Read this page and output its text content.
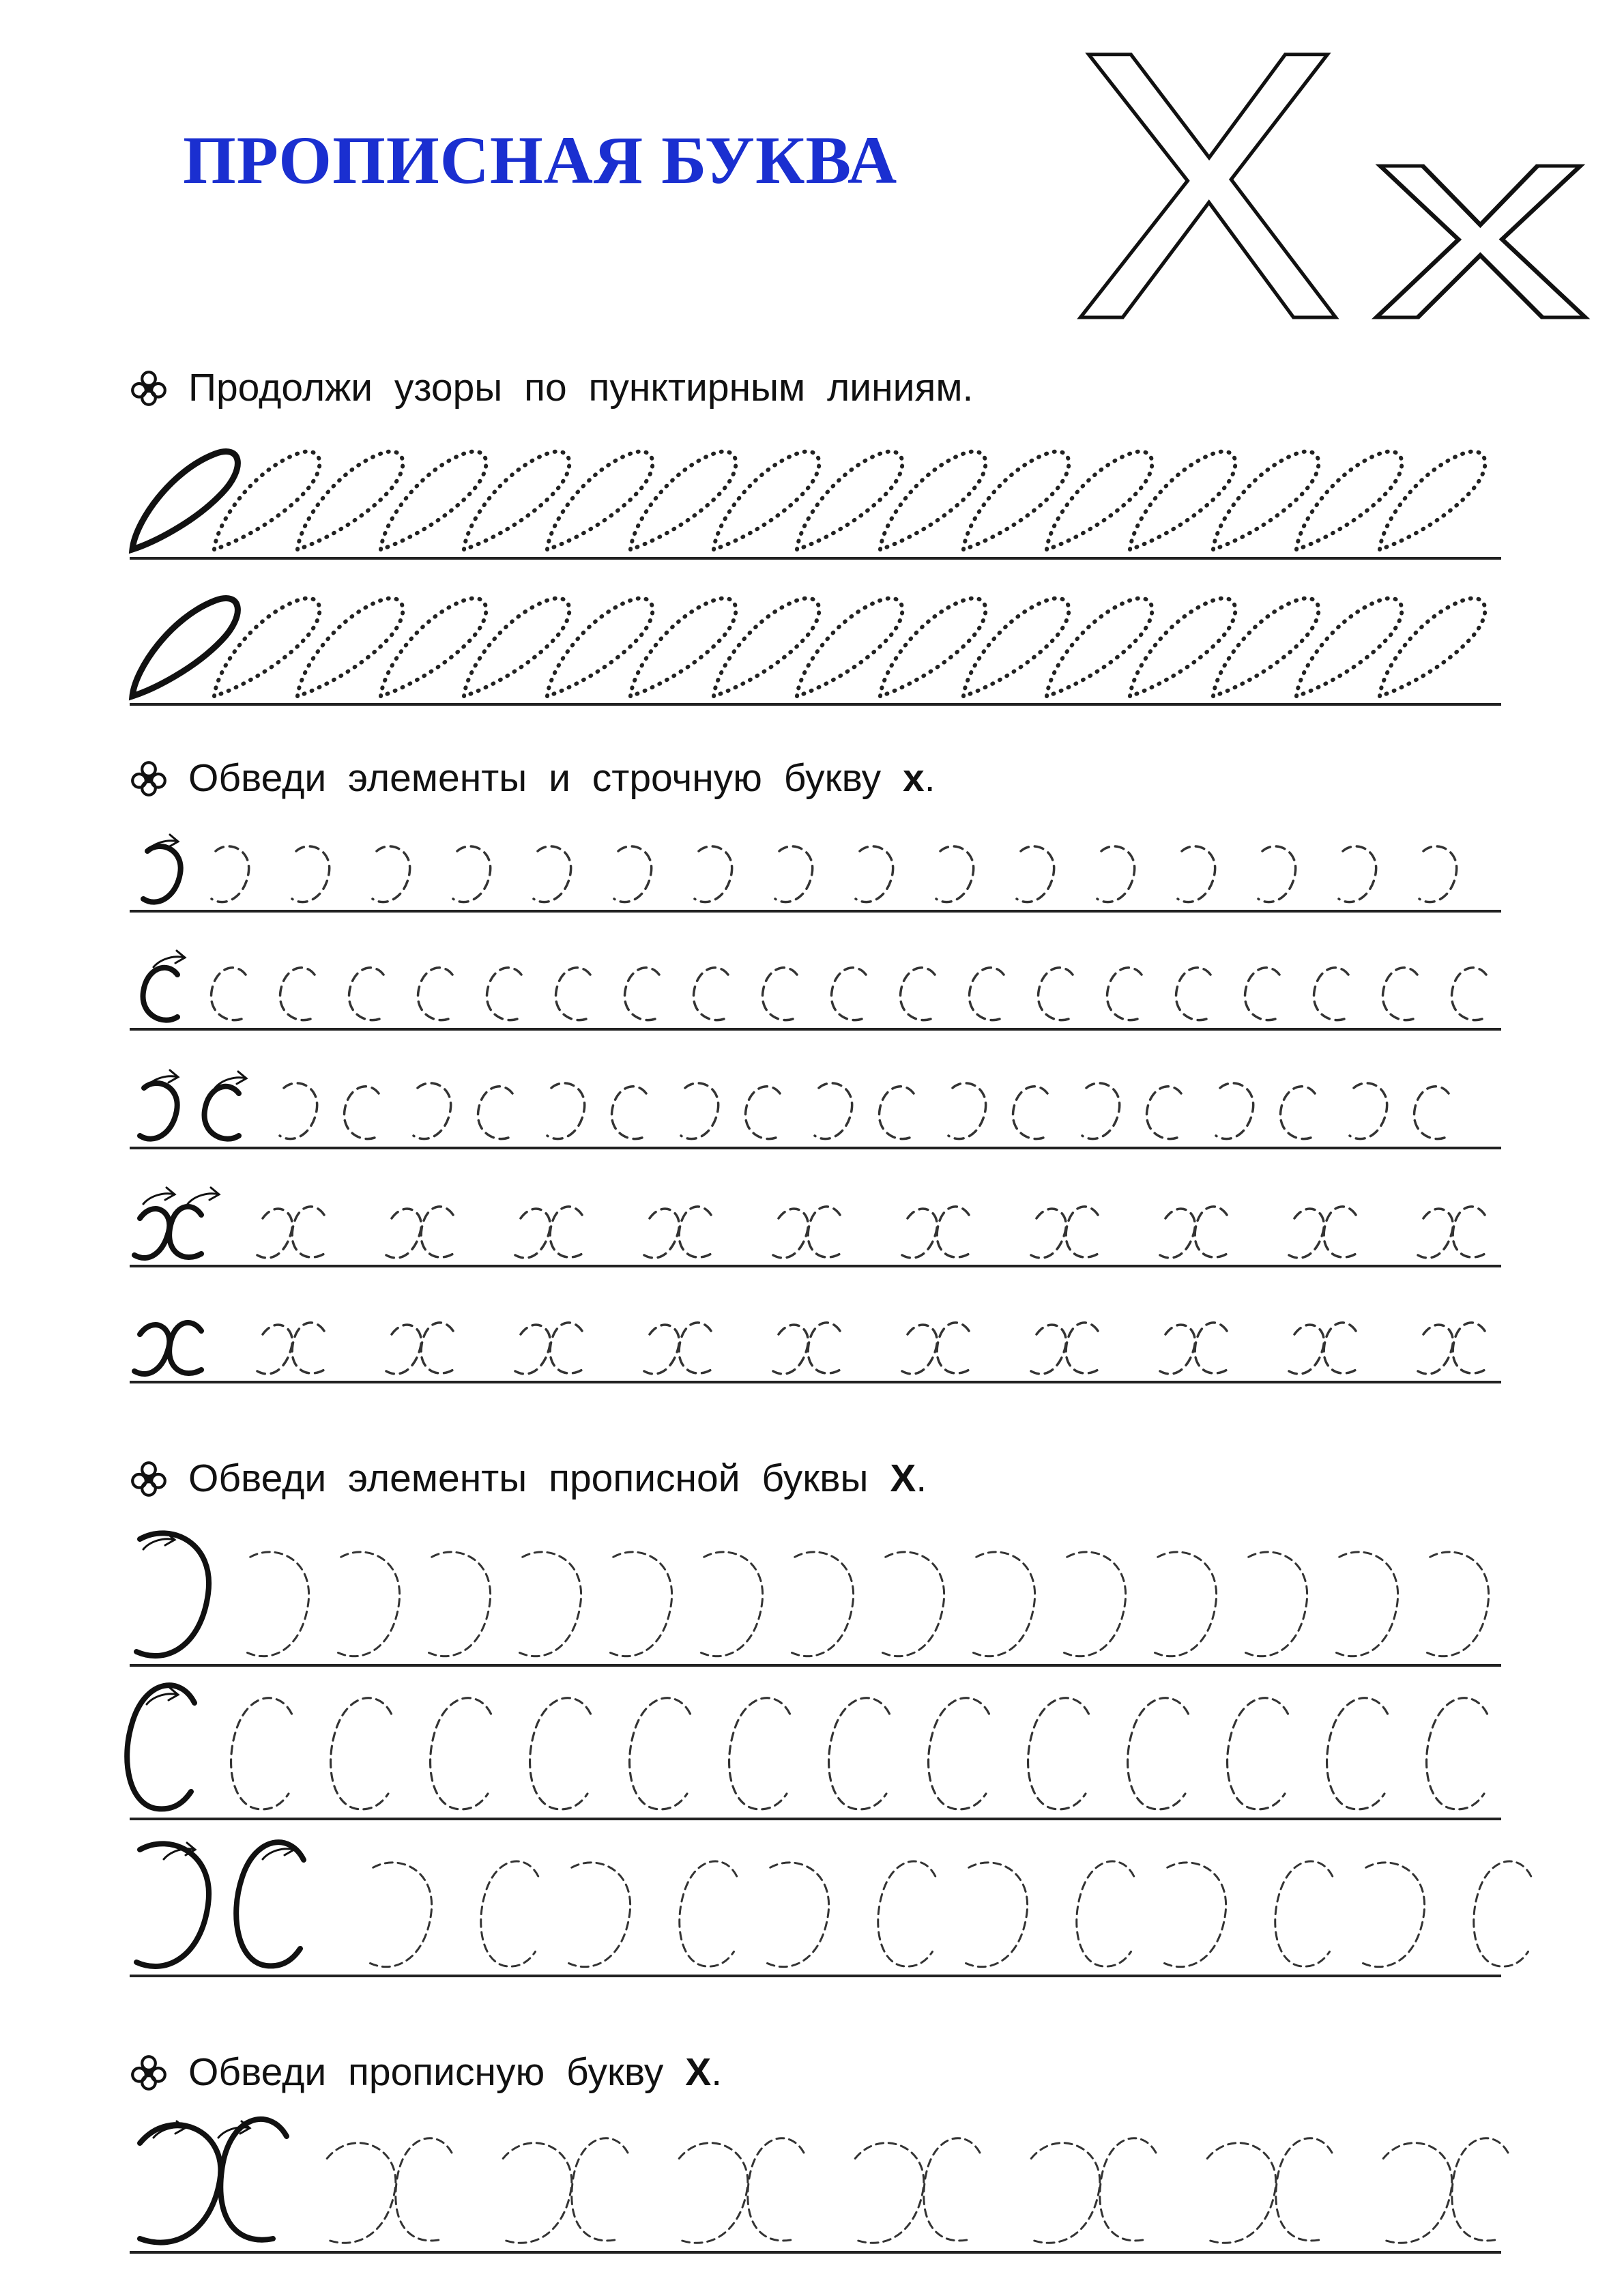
ПРОПИСНАЯ БУКВА X x
Продолжи узоры по пунктирным линиям.
Обведи элементы и строчную букву х.
Обведи элементы прописной буквы Х.
Обведи прописную букву Х.
